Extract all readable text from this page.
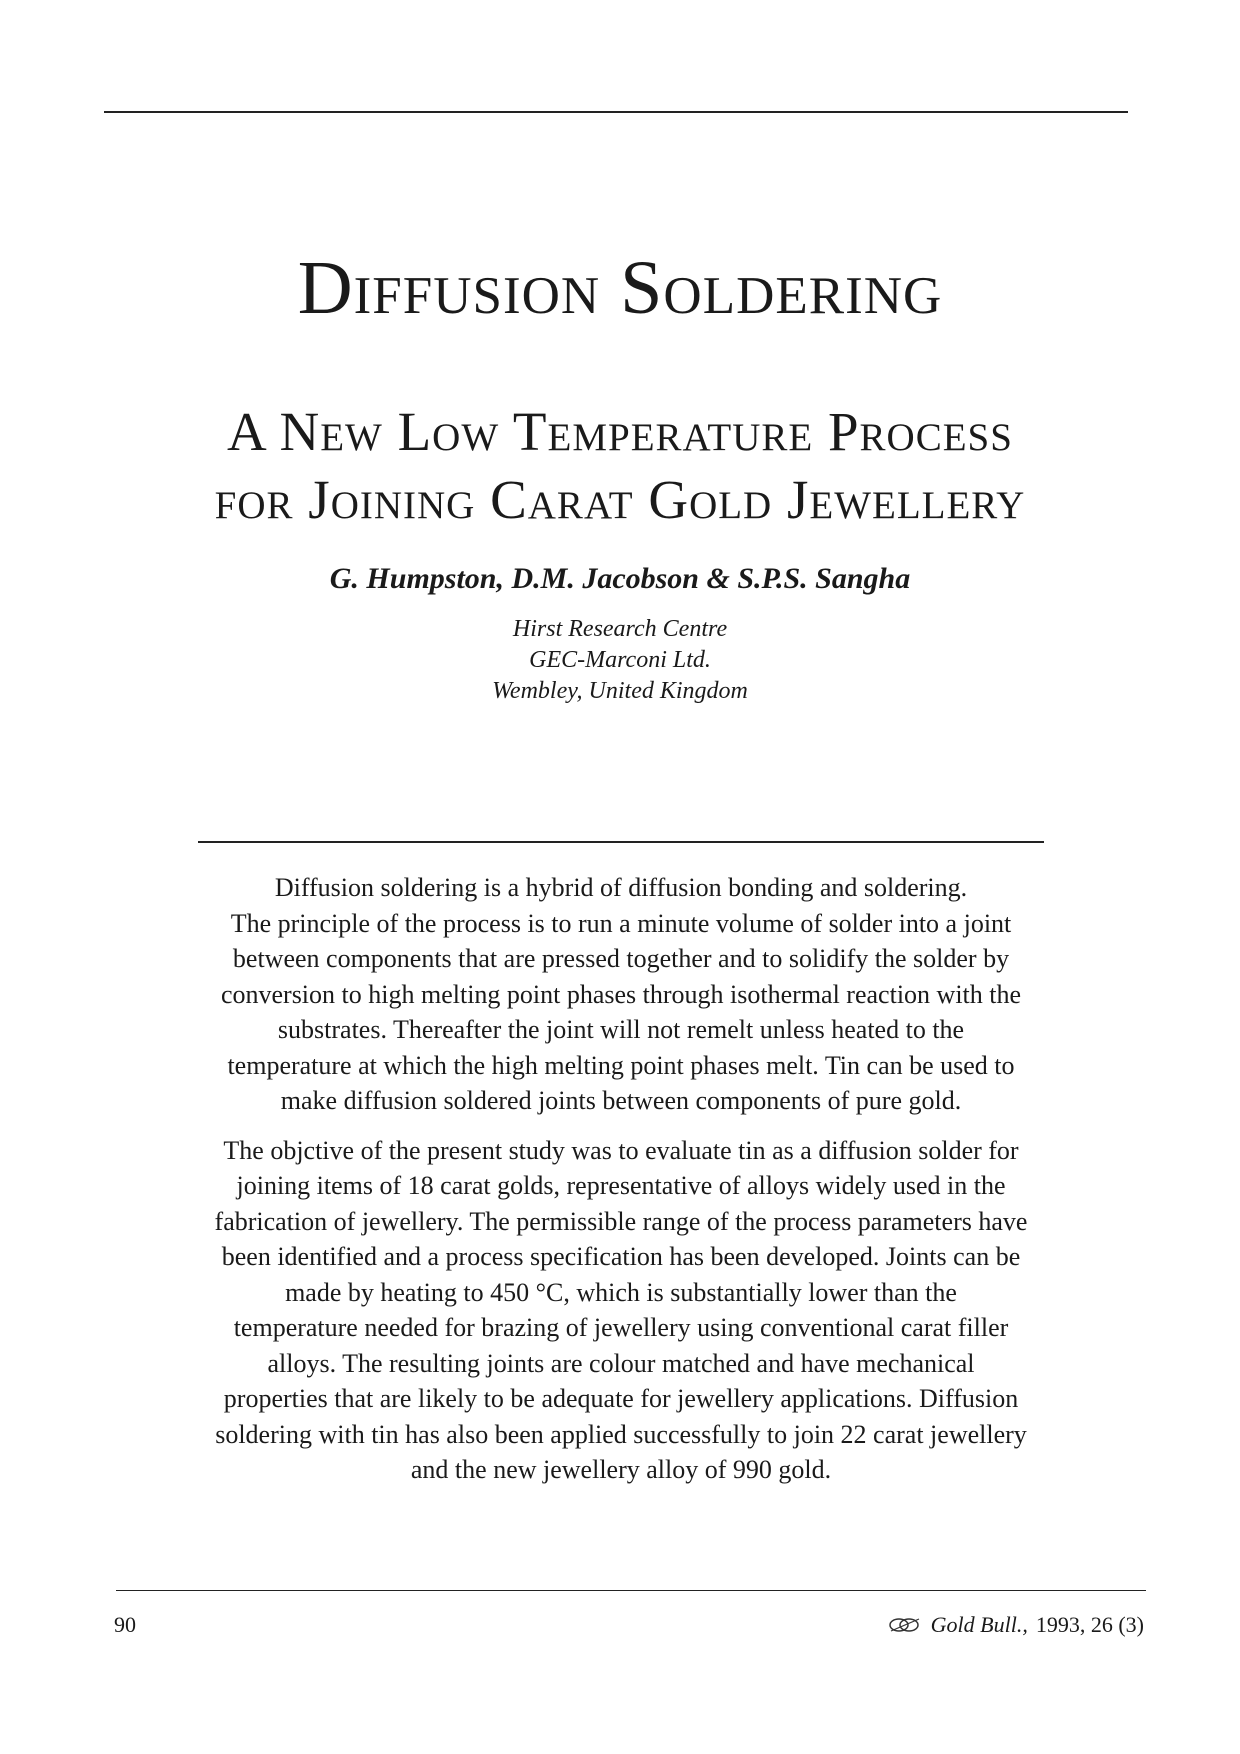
Diffusion Soldering
A New Low Temperature Process
for Joining Carat Gold Jewellery

G. Humpston, D.M. Jacobson & S.P.S. Sangha

Hirst Research Centre
GEC-Marconi Ltd.
Wembley, United Kingdom

Diffusion soldering is a hybrid of diffusion bonding and soldering.
The principle of the process is to run a minute volume of solder into a joint
between components that are pressed together and to solidify the solder by
conversion to high melting point phases through isothermal reaction with the
substrates. Thereafter the joint will not remelt unless heated to the
temperature at which the high melting point phases melt. Tin can be used to
make diffusion soldered joints between components of pure gold.

The objctive of the present study was to evaluate tin as a diffusion solder for
joining items of 18 carat golds, representative of alloys widely used in the
fabrication of jewellery. The permissible range of the process parameters have
been identified and a process specification has been developed. Joints can be
made by heating to 450 °C, which is substantially lower than the
temperature needed for brazing of jewellery using conventional carat filler
alloys. The resulting joints are colour matched and have mechanical
properties that are likely to be adequate for jewellery applications. Diffusion
soldering with tin has also been applied successfully to join 22 carat jewellery
and the new jewellery alloy of 990 gold.

90	Gold Bull., 1993, 26 (3)
